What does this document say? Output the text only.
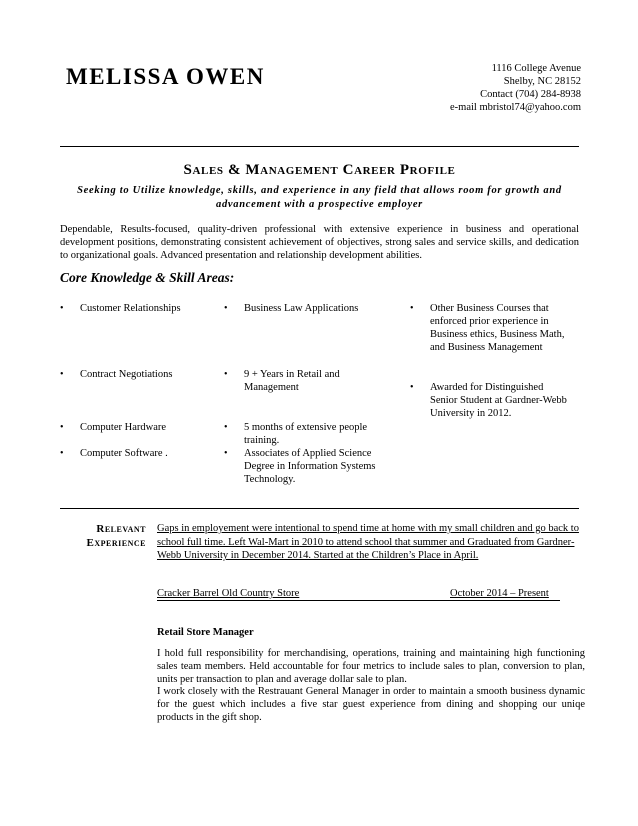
MELISSA OWEN	1116 College Avenue
Shelby, NC 28152
Contact (704) 284-8938
e-mail mbristol74@yahoo.com
Sales & Management Career Profile
Seeking to Utilize knowledge, skills, and experience in any field that allows room for growth and
advancement with a prospective employer
Dependable, Results-focused, quality-driven professional with extensive experience in business and operational development positions, demonstrating consistent achievement of objectives, strong sales and service skills, and dedication to organizational goals. Advanced presentation and relationship development abilities.
Core Knowledge & Skill Areas:
• Customer Relationships
• Contract Negotiations
• Computer Hardware
• Computer Software .
• Business Law Applications
• 9 + Years in Retail and Management
• 5 months of extensive people training.
• Associates of Applied Science Degree in Information Systems Technology.
• Other Business Courses that enforced prior experience in Business ethics, Business Math, and Business Management
• Awarded for Distinguished Senior Student at Gardner-Webb University in 2012.
Relevant
Experience
Gaps in employement were intentional to spend time at home with my small children and go back to school full time. Left Wal-Mart in 2010 to attend school that summer and Graduated from Gardner-Webb University in December 2014. Started at the Children’s Place in April.
Cracker Barrel Old Country Store	October 2014 – Present
Retail Store Manager
I hold full responsibility for merchandising, operations, training and maintaining high functioning sales team members. Held accountable for four metrics to include sales to plan, conversion to plan, units per transaction to plan and average dollar sale to plan.
I work closely with the Restrauant General Manager in order to maintain a smooth business dynamic for the guest which includes a five star guest experience from dining and shopping our uniqe products in the gift shop.
